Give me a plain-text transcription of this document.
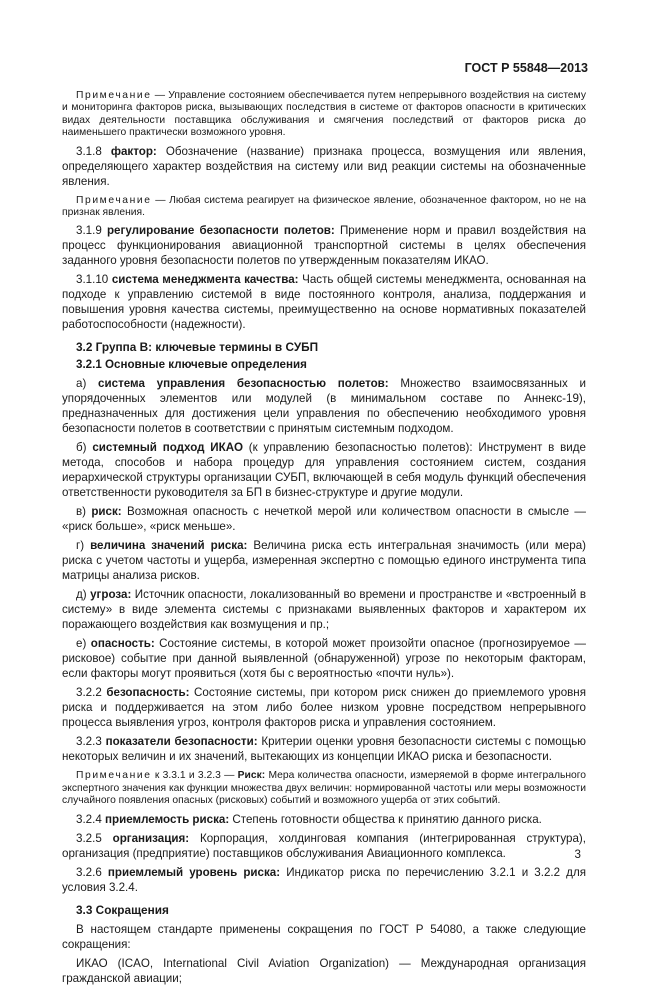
ГОСТ Р 55848—2013

Примечание — Управление состоянием обеспечивается путем непрерывного воздействия на систему и мониторинга факторов риска, вызывающих последствия в системе от факторов опасности в критических видах деятельности поставщика обслуживания и смягчения последствий от факторов риска до наименьшего практически возможного уровня.

3.1.8 фактор: Обозначение (название) признака процесса, возмущения или явления, определяющего характер воздействия на систему или вид реакции системы на обозначенные явления.

Примечание — Любая система реагирует на физическое явление, обозначенное фактором, но не на признак явления.

3.1.9 регулирование безопасности полетов: Применение норм и правил воздействия на процесс функционирования авиационной транспортной системы в целях обеспечения заданного уровня безопасности полетов по утвержденным показателям ИКАО.

3.1.10 система менеджмента качества: Часть общей системы менеджмента, основанная на подходе к управлению системой в виде постоянного контроля, анализа, поддержания и повышения уровня качества системы, преимущественно на основе нормативных показателей работоспособности (надежности).

3.2 Группа В: ключевые термины в СУБП

3.2.1 Основные ключевые определения

а) система управления безопасностью полетов: Множество взаимосвязанных и упорядоченных элементов или модулей (в минимальном составе по Аннекс-19), предназначенных для достижения цели управления по обеспечению необходимого уровня безопасности полетов в соответствии с принятым системным подходом.

б) системный подход ИКАО (к управлению безопасностью полетов): Инструмент в виде метода, способов и набора процедур для управления состоянием систем, создания иерархической структуры организации СУБП, включающей в себя модуль функций обеспечения ответственности руководителя за БП в бизнес-структуре и другие модули.

в) риск: Возможная опасность с нечеткой мерой или количеством опасности в смысле — «риск больше», «риск меньше».

г) величина значений риска: Величина риска есть интегральная значимость (или мера) риска с учетом частоты и ущерба, измеренная экспертно с помощью единого инструмента типа матрицы анализа рисков.

д) угроза: Источник опасности, локализованный во времени и пространстве и «встроенный в систему» в виде элемента системы с признаками выявленных факторов и характером их поражающего воздействия как возмущения и пр.;

е) опасность: Состояние системы, в которой может произойти опасное (прогнозируемое — рисковое) событие при данной выявленной (обнаруженной) угрозе по некоторым факторам, если факторы могут проявиться (хотя бы с вероятностью «почти нуль»).

3.2.2 безопасность: Состояние системы, при котором риск снижен до приемлемого уровня риска и поддерживается на этом либо более низком уровне посредством непрерывного процесса выявления угроз, контроля факторов риска и управления состоянием.

3.2.3 показатели безопасности: Критерии оценки уровня безопасности системы с помощью некоторых величин и их значений, вытекающих из концепции ИКАО риска и безопасности.

Примечание к 3.3.1 и 3.2.3 — Риск: Мера количества опасности, измеряемой в форме интегрального экспертного значения как функции множества двух величин: нормированной частоты или меры возможности случайного появления опасных (рисковых) событий и возможного ущерба от этих событий.

3.2.4 приемлемость риска: Степень готовности общества к принятию данного риска.

3.2.5 организация: Корпорация, холдинговая компания (интегрированная структура), организация (предприятие) поставщиков обслуживания Авиационного комплекса.

3.2.6 приемлемый уровень риска: Индикатор риска по перечислению 3.2.1 и 3.2.2 для условия 3.2.4.

3.3 Сокращения

В настоящем стандарте применены сокращения по ГОСТ Р 54080, а также следующие сокращения:

ИКАО (ICAO, International Civil Aviation Organization) — Международная организация гражданской авиации;

3
